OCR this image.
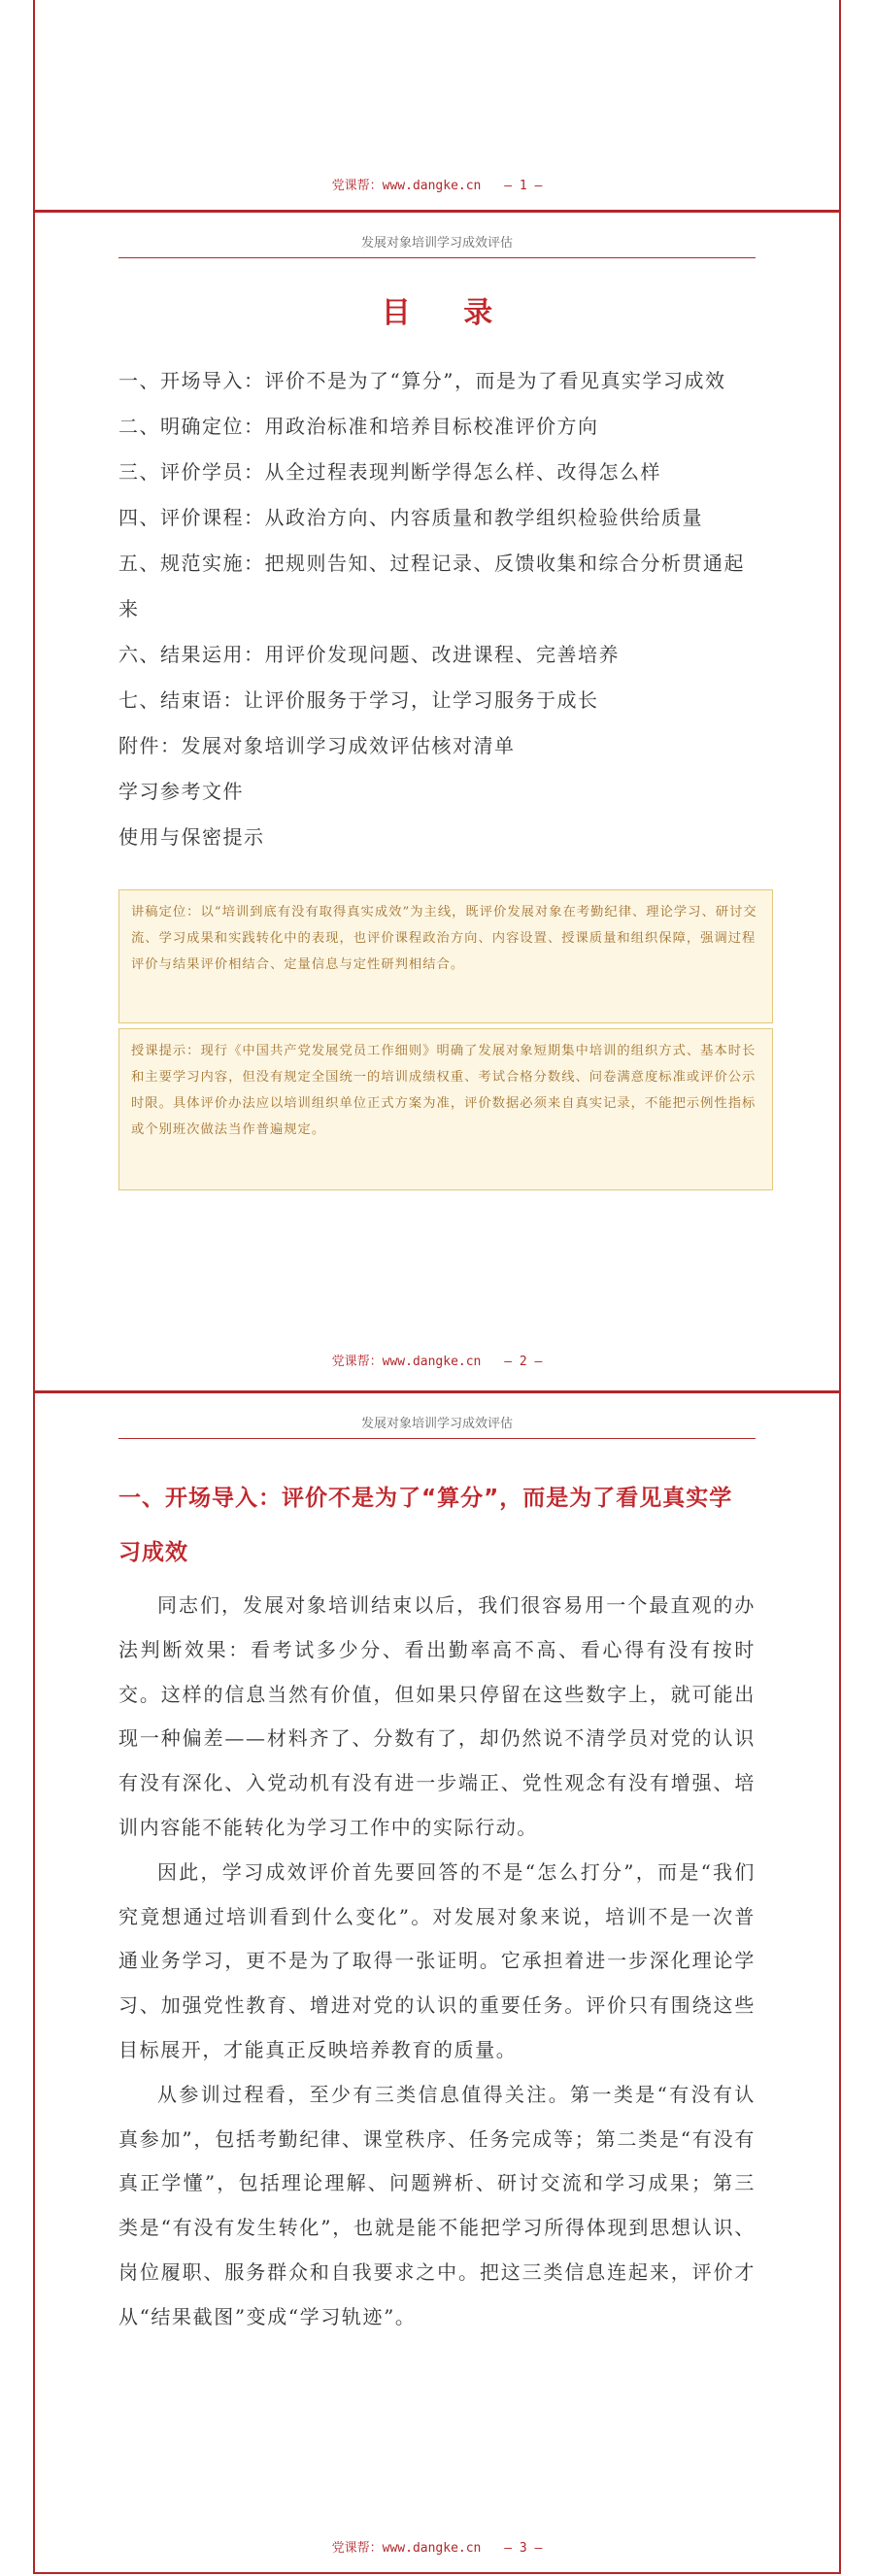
党课帮：www.dangke.cn — 1 —
发展对象培训学习成效评估
目 录
一、开场导入：评价不是为了“算分”，而是为了看见真实学习成效
二、明确定位：用政治标准和培养目标校准评价方向
三、评价学员：从全过程表现判断学得怎么样、改得怎么样
四、评价课程：从政治方向、内容质量和教学组织检验供给质量
五、规范实施：把规则告知、过程记录、反馈收集和综合分析贯通起来
六、结果运用：用评价发现问题、改进课程、完善培养
七、结束语：让评价服务于学习，让学习服务于成长
附件：发展对象培训学习成效评估核对清单
学习参考文件
使用与保密提示
讲稿定位：以“培训到底有没有取得真实成效”为主线，既评价发展对象在考勤纪律、理论学习、研讨交流、学习成果和实践转化中的表现，也评价课程政治方向、内容设置、授课质量和组织保障，强调过程评价与结果评价相结合、定量信息与定性研判相结合。
授课提示：现行《中国共产党发展党员工作细则》明确了发展对象短期集中培训的组织方式、基本时长和主要学习内容，但没有规定全国统一的培训成绩权重、考试合格分数线、问卷满意度标准或评价公示时限。具体评价办法应以培训组织单位正式方案为准，评价数据必须来自真实记录，不能把示例性指标或个别班次做法当作普遍规定。
党课帮：www.dangke.cn — 2 —
发展对象培训学习成效评估
一、开场导入：评价不是为了“算分”，而是为了看见真实学习成效

同志们，发展对象培训结束以后，我们很容易用一个最直观的办法判断效果：看考试多少分、看出勤率高不高、看心得有没有按时交。这样的信息当然有价值，但如果只停留在这些数字上，就可能出现一种偏差——材料齐了、分数有了，却仍然说不清学员对党的认识有没有深化、入党动机有没有进一步端正、党性观念有没有增强、培训内容能不能转化为学习工作中的实际行动。

因此，学习成效评价首先要回答的不是“怎么打分”，而是“我们究竟想通过培训看到什么变化”。对发展对象来说，培训不是一次普通业务学习，更不是为了取得一张证明。它承担着进一步深化理论学习、加强党性教育、增进对党的认识的重要任务。评价只有围绕这些目标展开，才能真正反映培养教育的质量。

从参训过程看，至少有三类信息值得关注。第一类是“有没有认真参加”，包括考勤纪律、课堂秩序、任务完成等；第二类是“有没有真正学懂”，包括理论理解、问题辨析、研讨交流和学习成果；第三类是“有没有发生转化”，也就是能不能把学习所得体现到思想认识、岗位履职、服务群众和自我要求之中。把这三类信息连起来，评价才从“结果截图”变成“学习轨迹”。

党课帮：www.dangke.cn — 3 —
